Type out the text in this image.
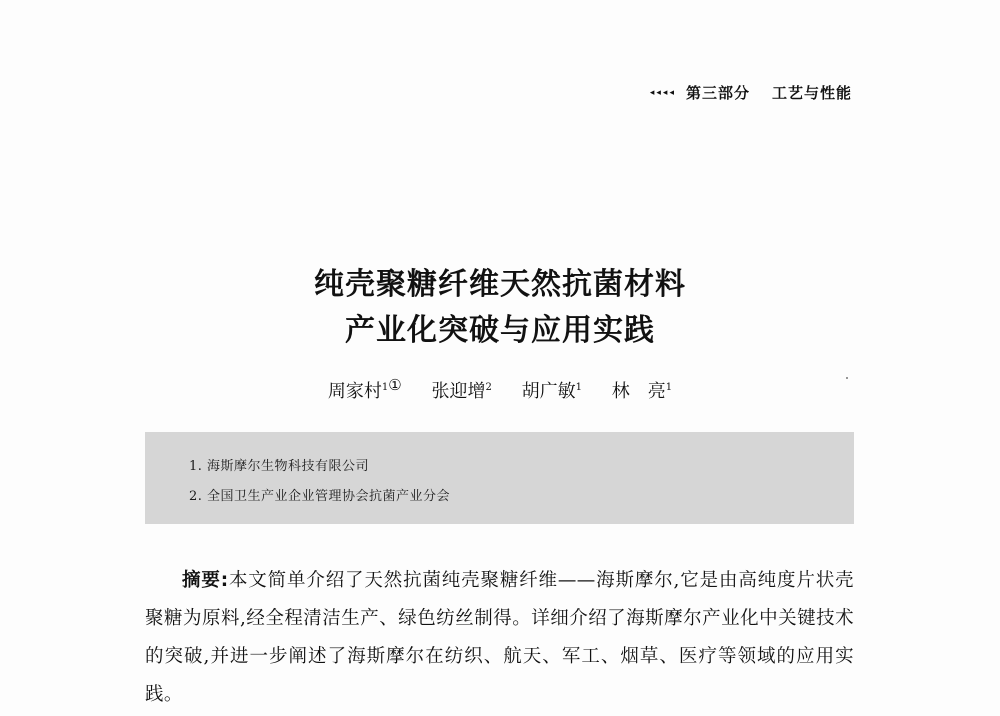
◂◂◂◂ 第三部分 工艺与性能
纯壳聚糖纤维天然抗菌材料
产业化突破与应用实践
周家村$^{1①}$ 张迎增$^2$ 胡广敏$^1$ 林　亮$^1$
1. 海斯摩尔生物科技有限公司
2. 全国卫生产业企业管理协会抗菌产业分会

摘要:本文简单介绍了天然抗菌纯壳聚糖纤维——海斯摩尔,它是由高纯度片状壳聚糖为原料,经全程清洁生产、绿色纺丝制得。详细介绍了海斯摩尔产业化中关键技术的突破,并进一步阐述了海斯摩尔在纺织、航天、军工、烟草、医疗等领域的应用实践。
